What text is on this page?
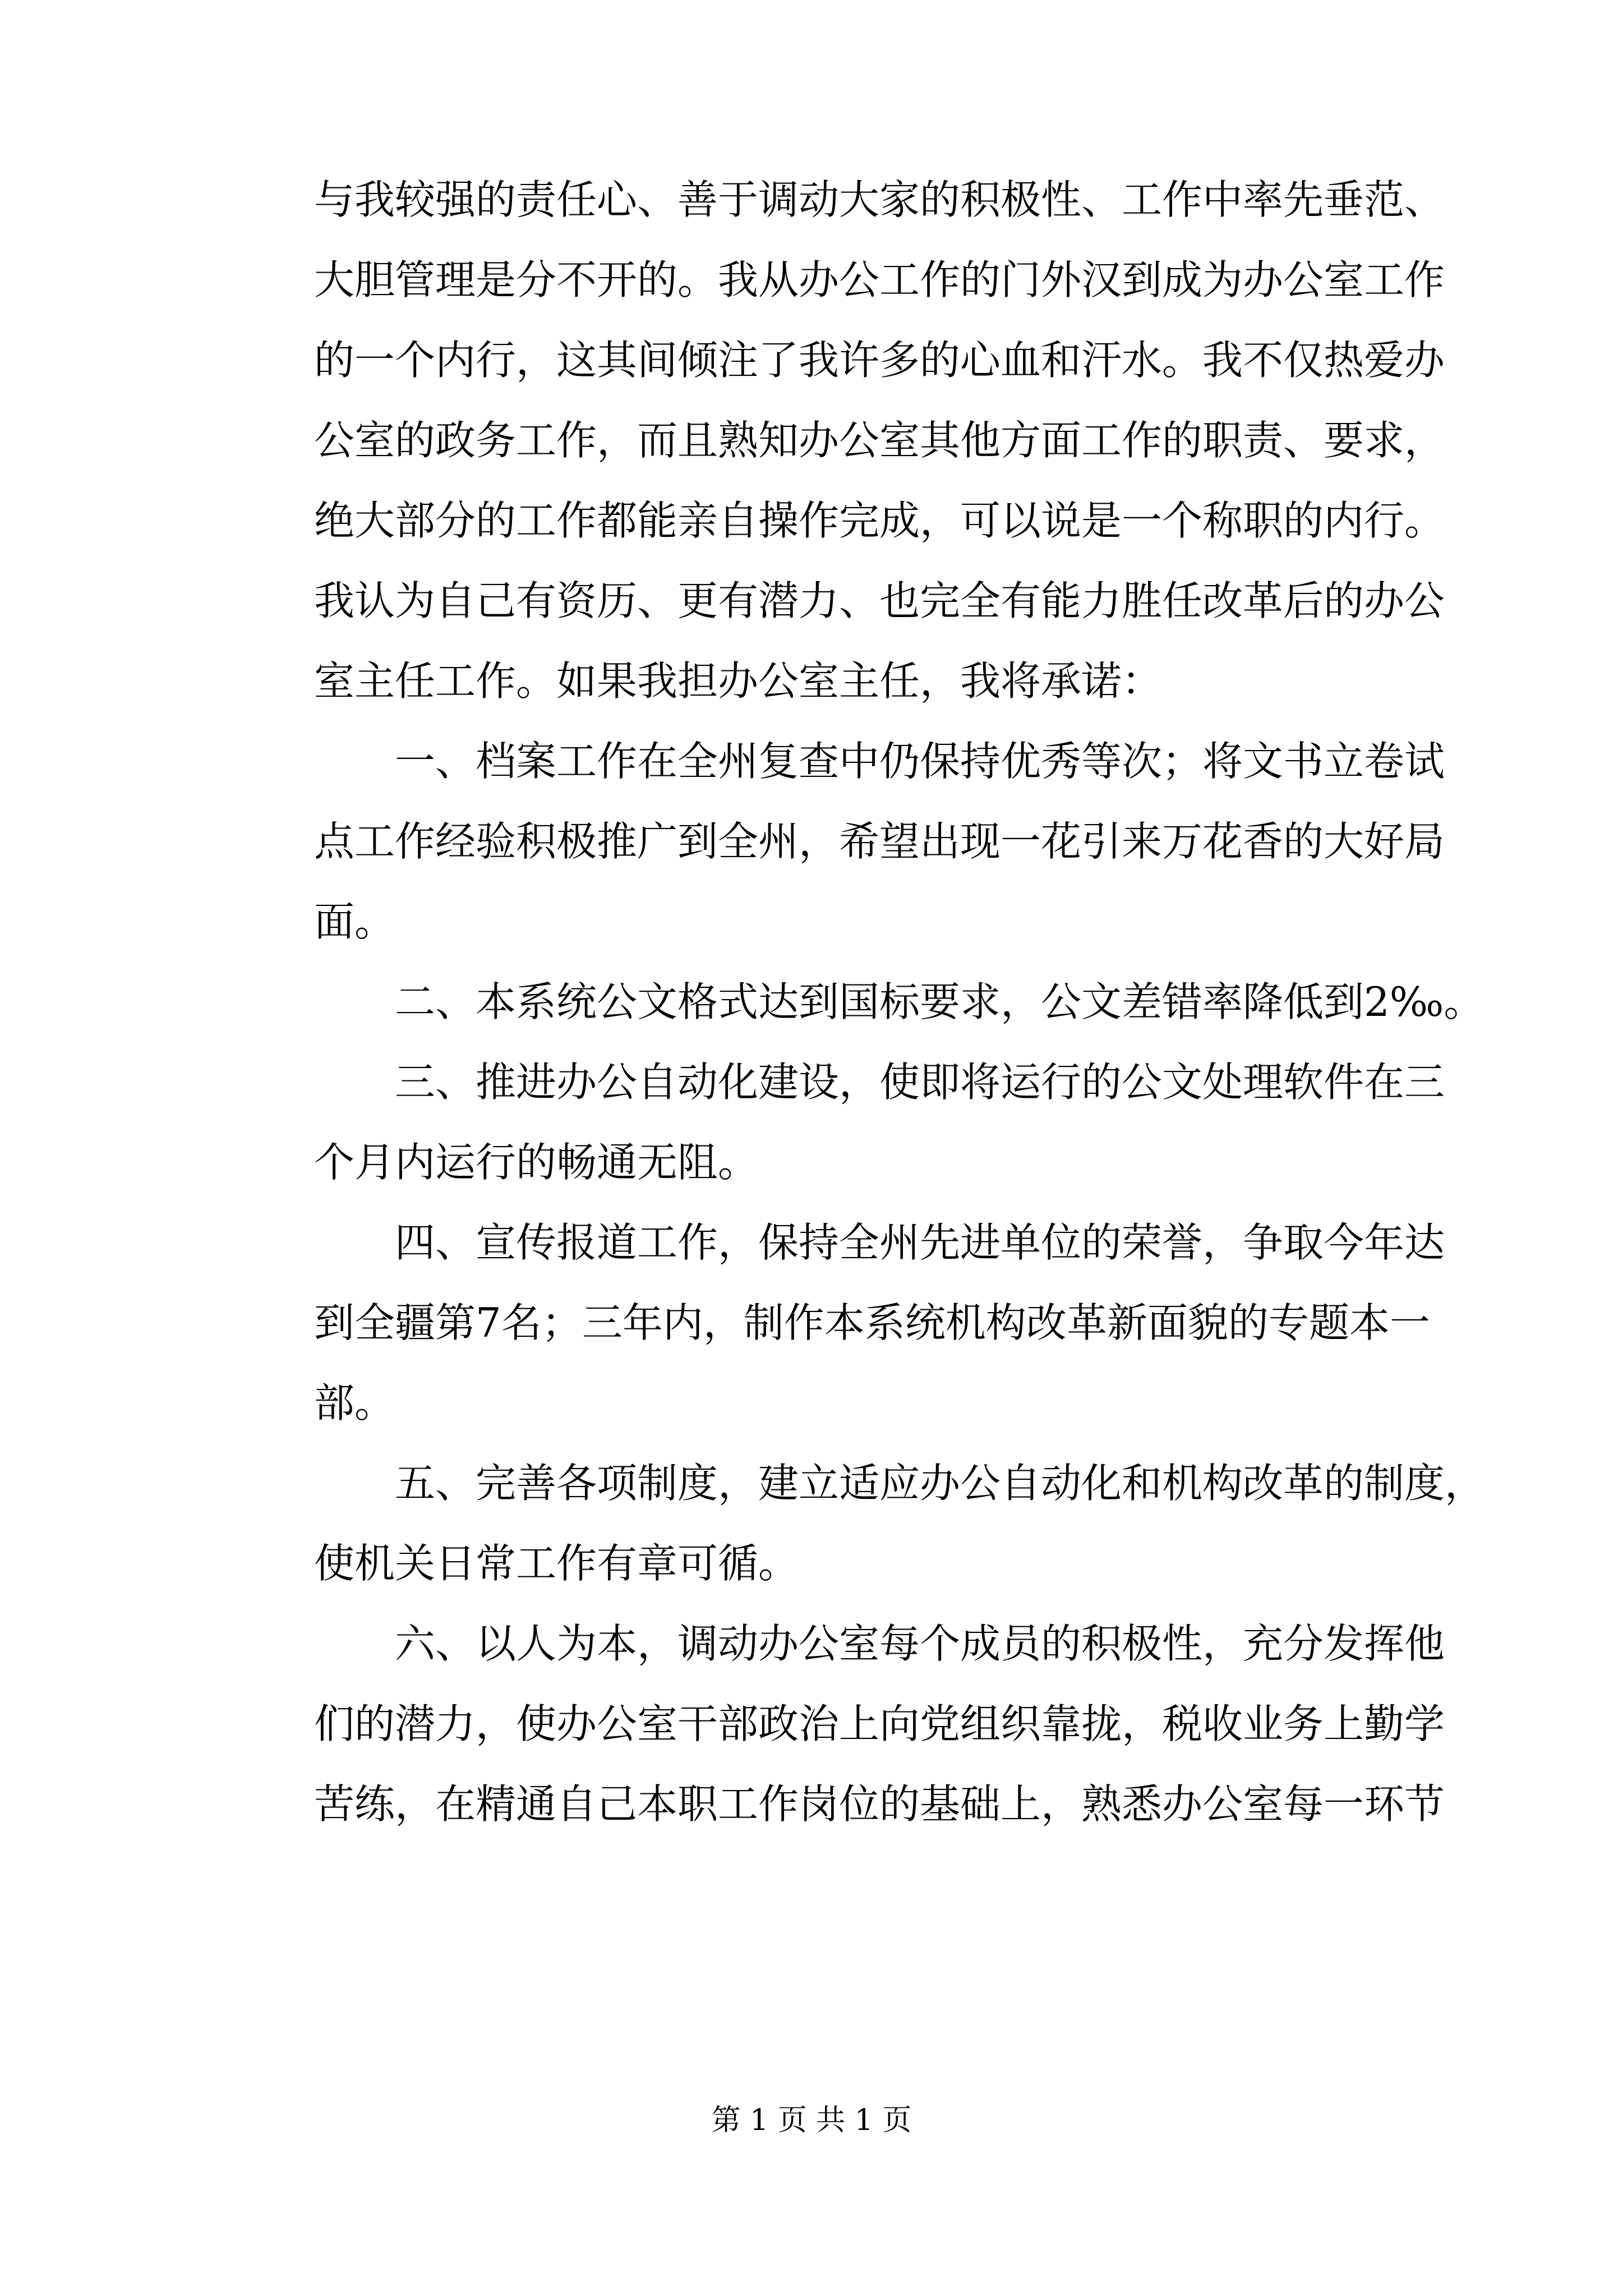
与我较强的责任心、善于调动大家的积极性、工作中率先垂范、
大胆管理是分不开的。我从办公工作的门外汉到成为办公室工作
的一个内行，这其间倾注了我许多的心血和汗水。我不仅热爱办
公室的政务工作，而且熟知办公室其他方面工作的职责、要求，
绝大部分的工作都能亲自操作完成，可以说是一个称职的内行。
我认为自己有资历、更有潜力、也完全有能力胜任改革后的办公
室主任工作。如果我担办公室主任，我将承诺：
　　一、档案工作在全州复查中仍保持优秀等次；将文书立卷试
点工作经验积极推广到全州，希望出现一花引来万花香的大好局
面。
　　二、本系统公文格式达到国标要求，公文差错率降低到2‰。
　　三、推进办公自动化建设，使即将运行的公文处理软件在三
个月内运行的畅通无阻。
　　四、宣传报道工作，保持全州先进单位的荣誉，争取今年达
到全疆第7名；三年内，制作本系统机构改革新面貌的专题本一
部。
　　五、完善各项制度，建立适应办公自动化和机构改革的制度，
使机关日常工作有章可循。
　　六、以人为本，调动办公室每个成员的积极性，充分发挥他
们的潜力，使办公室干部政治上向党组织靠拢，税收业务上勤学
苦练，在精通自己本职工作岗位的基础上，熟悉办公室每一环节
第 1 页 共 1 页
